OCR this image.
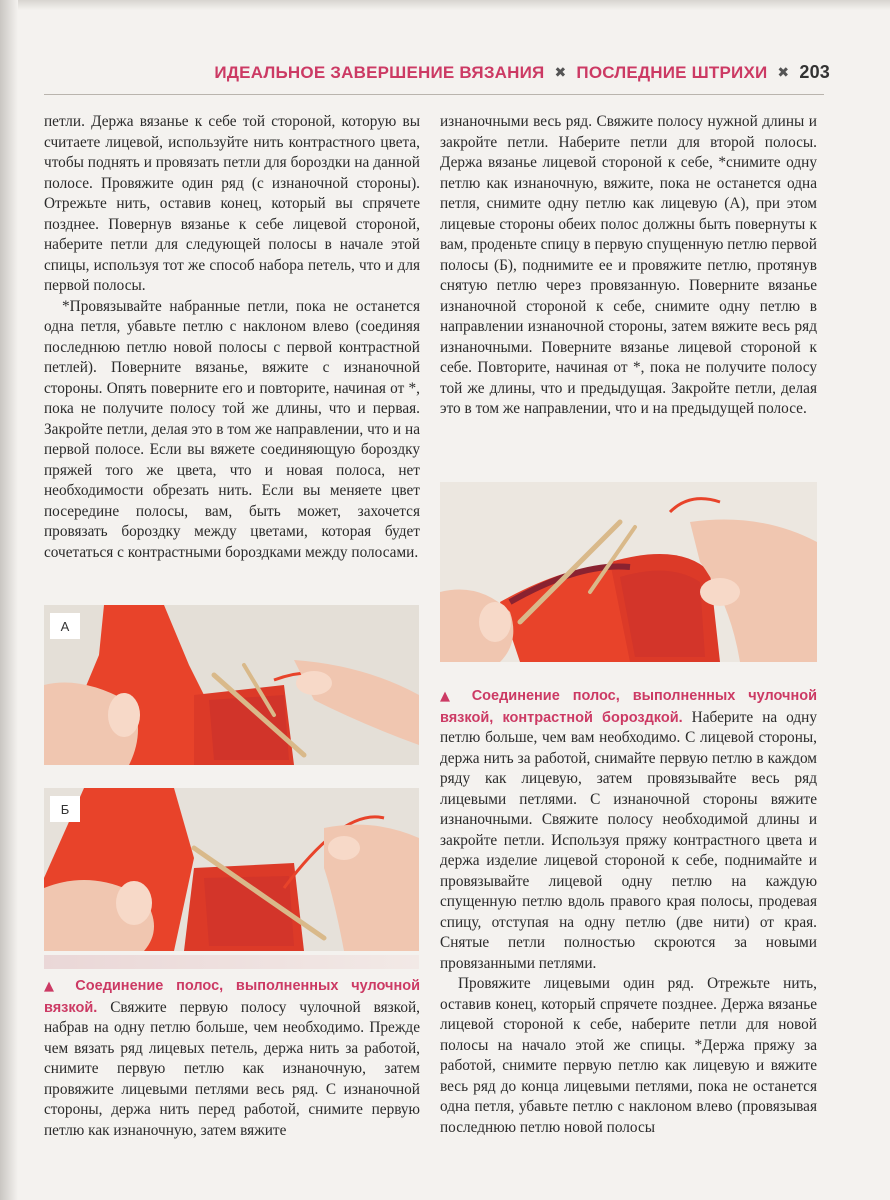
ИДЕАЛЬНОЕ ЗАВЕРШЕНИЕ ВЯЗАНИЯ ✖ ПОСЛЕДНИЕ ШТРИХИ ✖ 203

петли. Держа вязанье к себе той стороной, которую вы считаете лицевой, используйте нить контрастного цвета, чтобы поднять и провязать петли для бороздки на данной полосе. Провяжите один ряд (с изнаночной стороны). Отрежьте нить, оставив конец, который вы спрячете позднее. Повернув вязанье к себе лицевой стороной, наберите петли для следующей полосы в начале этой спицы, используя тот же способ набора петель, что и для первой полосы.

*Провязывайте набранные петли, пока не останется одна петля, убавьте петлю с наклоном влево (соединяя последнюю петлю новой полосы с первой контрастной петлей). Поверните вязанье, вяжите с изнаночной стороны. Опять поверните его и повторите, начиная от *, пока не получите полосу той же длины, что и первая. Закройте петли, делая это в том же направлении, что и на первой полосе. Если вы вяжете соединяющую бороздку пряжей того же цвета, что и новая полоса, нет необходимости обрезать нить. Если вы меняете цвет посередине полосы, вам, быть может, захочется провязать бороздку между цветами, которая будет сочетаться с контрастными бороздками между полосами.

А
Б

▲ Соединение полос, выполненных чулочной вязкой. Свяжите первую полосу чулочной вязкой, набрав на одну петлю больше, чем необходимо. Прежде чем вязать ряд лицевых петель, держа нить за работой, снимите первую петлю как изнаночную, затем провяжите лицевыми петлями весь ряд. С изнаночной стороны, держа нить перед работой, снимите первую петлю как изнаночную, затем вяжите

изнаночными весь ряд. Свяжите полосу нужной длины и закройте петли. Наберите петли для второй полосы. Держа вязанье лицевой стороной к себе, *снимите одну петлю как изнаночную, вяжите, пока не останется одна петля, снимите одну петлю как лицевую (А), при этом лицевые стороны обеих полос должны быть повернуты к вам, проденьте спицу в первую спущенную петлю первой полосы (Б), поднимите ее и провяжите петлю, протянув снятую петлю через провязанную. Поверните вязанье изнаночной стороной к себе, снимите одну петлю в направлении изнаночной стороны, затем вяжите весь ряд изнаночными. Поверните вязанье лицевой стороной к себе. Повторите, начиная от *, пока не получите полосу той же длины, что и предыдущая. Закройте петли, делая это в том же направлении, что и на предыдущей полосе.

▲ Соединение полос, выполненных чулочной вязкой, контрастной бороздкой. Наберите на одну петлю больше, чем вам необходимо. С лицевой стороны, держа нить за работой, снимайте первую петлю в каждом ряду как лицевую, затем провязывайте весь ряд лицевыми петлями. С изнаночной стороны вяжите изнаночными. Свяжите полосу необходимой длины и закройте петли. Используя пряжу контрастного цвета и держа изделие лицевой стороной к себе, поднимайте и провязывайте лицевой одну петлю на каждую спущенную петлю вдоль правого края полосы, продевая спицу, отступая на одну петлю (две нити) от края. Снятые петли полностью скроются за новыми провязанными петлями.

Провяжите лицевыми один ряд. Отрежьте нить, оставив конец, который спрячете позднее. Держа вязанье лицевой стороной к себе, наберите петли для новой полосы на начало этой же спицы. *Держа пряжу за работой, снимите первую петлю как лицевую и вяжите весь ряд до конца лицевыми петлями, пока не останется одна петля, убавьте петлю с наклоном влево (провязывая последнюю петлю новой полосы
